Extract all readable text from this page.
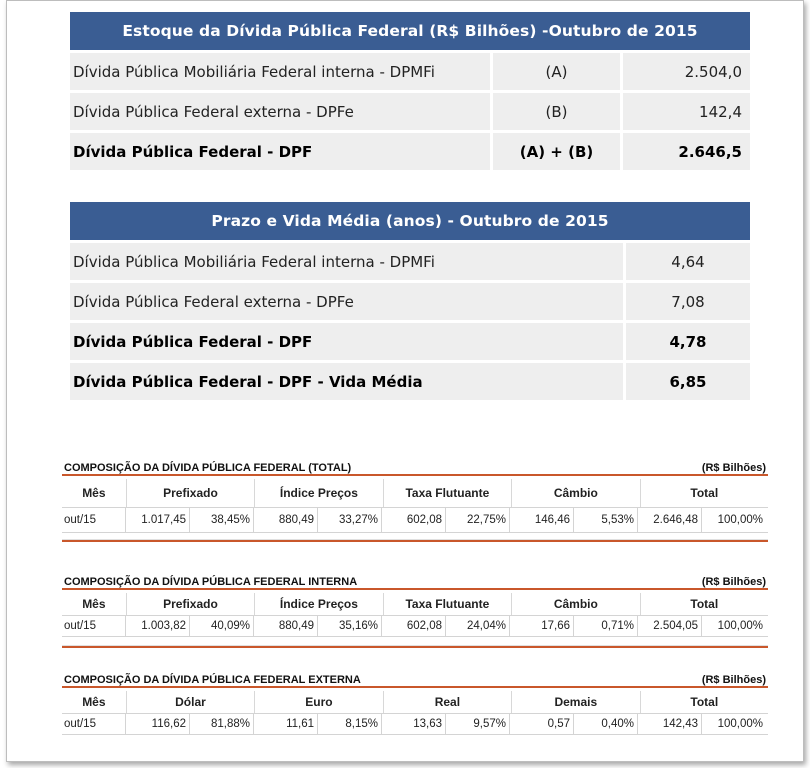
Estoque da Dívida Pública Federal (R$ Bilhões) -Outubro de 2015
Dívida Pública Mobiliária Federal interna - DPMFi	(A)	2.504,0
Dívida Pública Federal externa - DPFe	(B)	142,4
Dívida Pública Federal - DPF	(A) + (B)	2.646,5
Prazo e Vida Média (anos) - Outubro de 2015
Dívida Pública Mobiliária Federal interna - DPMFi	4,64
Dívida Pública Federal externa - DPFe	7,08
Dívida Pública Federal - DPF	4,78
Dívida Pública Federal - DPF - Vida Média	6,85
COMPOSIÇÃO DA DÍVIDA PÚBLICA FEDERAL (TOTAL)	(R$ Bilhões)
Mês	Prefixado	Índice Preços	Taxa Flutuante	Câmbio	Total
out/15	1.017,45	38,45%	880,49	33,27%	602,08	22,75%	146,46	5,53%	2.646,48	100,00%
COMPOSIÇÃO DA DÍVIDA PÚBLICA FEDERAL INTERNA	(R$ Bilhões)
Mês	Prefixado	Índice Preços	Taxa Flutuante	Câmbio	Total
out/15	1.003,82	40,09%	880,49	35,16%	602,08	24,04%	17,66	0,71%	2.504,05	100,00%
COMPOSIÇÃO DA DÍVIDA PÚBLICA FEDERAL EXTERNA	(R$ Bilhões)
Mês	Dólar	Euro	Real	Demais	Total
out/15	116,62	81,88%	11,61	8,15%	13,63	9,57%	0,57	0,40%	142,43	100,00%
